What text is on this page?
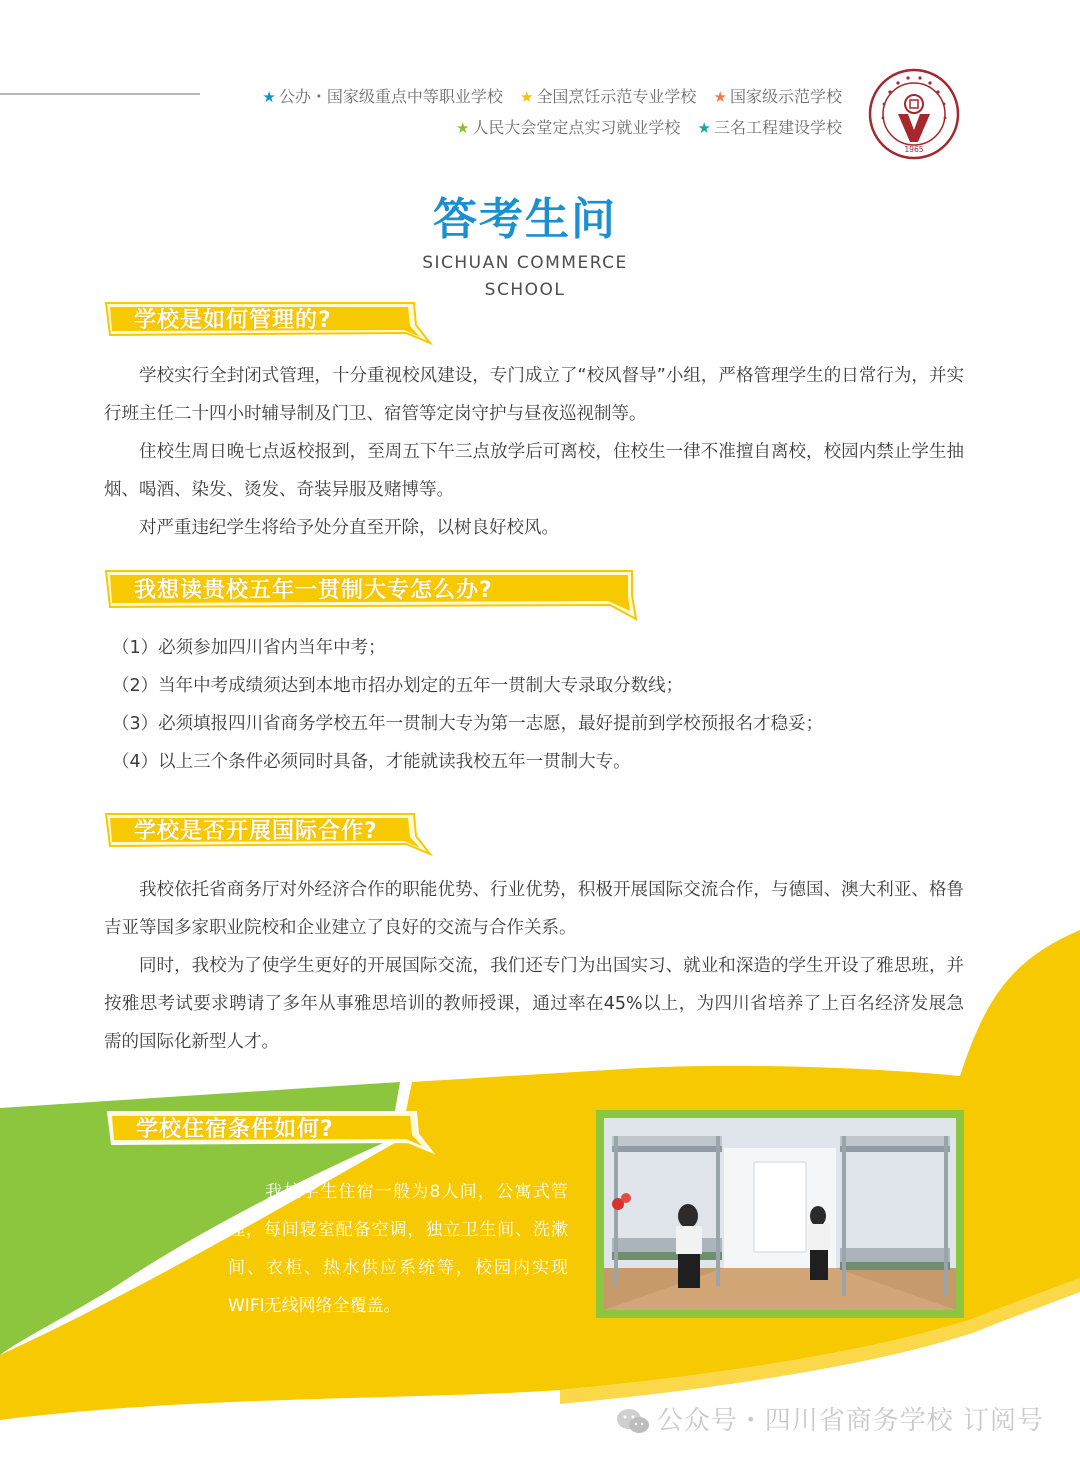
★ 公办・国家级重点中等职业学校 ★ 全国烹饪示范专业学校 ★ 国家级示范学校
★ 人民大会堂定点实习就业学校 ★ 三名工程建设学校
1965
答考生问
SICHUAN COMMERCE
SCHOOL
学校是如何管理的?

学校实行全封闭式管理，十分重视校风建设，专门成立了“校风督导”小组，严格管理学生的日常行为，并实行班主任二十四小时辅导制及门卫、宿管等定岗守护与昼夜巡视制等。

住校生周日晚七点返校报到，至周五下午三点放学后可离校，住校生一律不准擅自离校，校园内禁止学生抽烟、喝酒、染发、烫发、奇装异服及赌博等。

对严重违纪学生将给予处分直至开除，以树良好校风。

我想读贵校五年一贯制大专怎么办?
（1）必须参加四川省内当年中考；
（2）当年中考成绩须达到本地市招办划定的五年一贯制大专录取分数线；
（3）必须填报四川省商务学校五年一贯制大专为第一志愿，最好提前到学校预报名才稳妥；
（4）以上三个条件必须同时具备，才能就读我校五年一贯制大专。
学校是否开展国际合作?

我校依托省商务厅对外经济合作的职能优势、行业优势，积极开展国际交流合作，与德国、澳大利亚、格鲁吉亚等国多家职业院校和企业建立了良好的交流与合作关系。

同时，我校为了使学生更好的开展国际交流，我们还专门为出国实习、就业和深造的学生开设了雅思班，并按雅思考试要求聘请了多年从事雅思培训的教师授课，通过率在45%以上，为四川省培养了上百名经济发展急需的国际化新型人才。

学校住宿条件如何?

我校学生住宿一般为8人间，公寓式管理，每间寝室配备空调，独立卫生间、洗漱间、衣柜、热水供应系统等，校园内实现WIFI无线网络全覆盖。

公众号・四川省商务学校 订阅号
